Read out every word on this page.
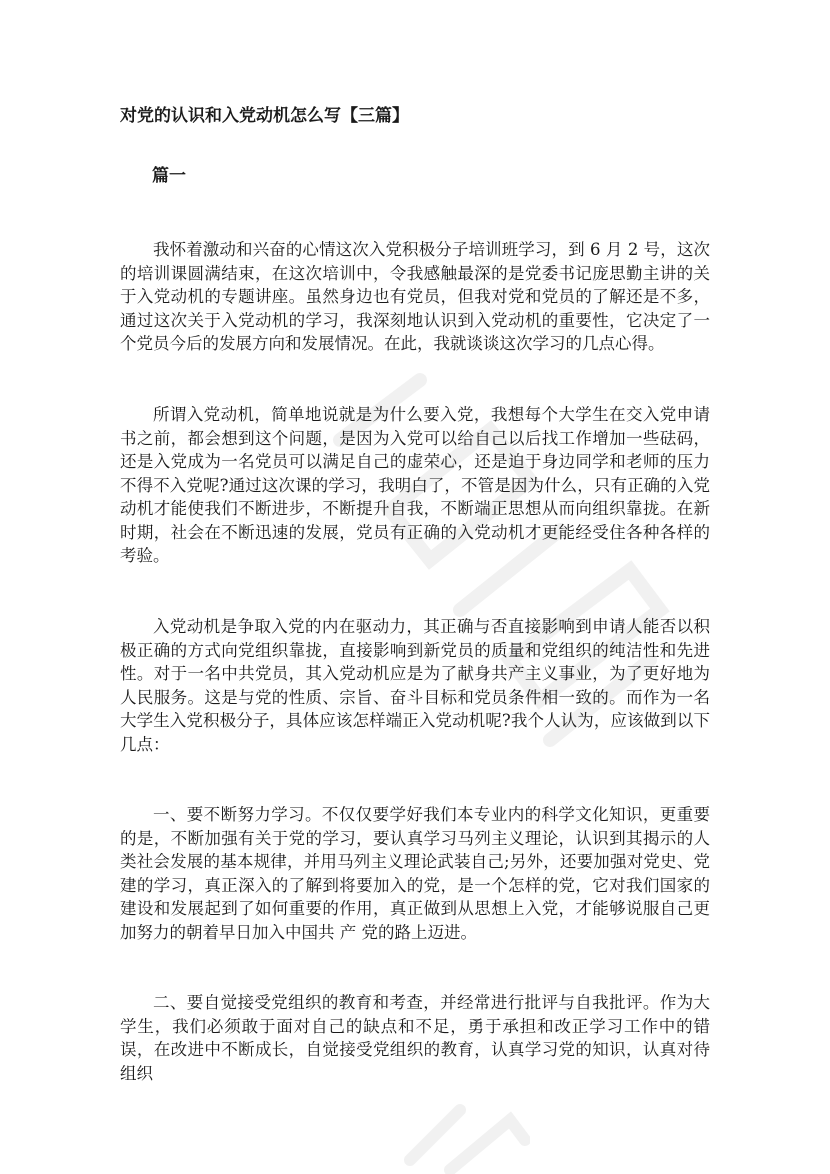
对党的认识和入党动机怎么写【三篇】
篇一

我怀着激动和兴奋的心情这次入党积极分子培训班学习，到 6 月 2 号，这次的培训课圆满结束，在这次培训中，令我感触最深的是党委书记庞思勤主讲的关于入党动机的专题讲座。虽然身边也有党员，但我对党和党员的了解还是不多，通过这次关于入党动机的学习，我深刻地认识到入党动机的重要性，它决定了一个党员今后的发展方向和发展情况。在此，我就谈谈这次学习的几点心得。

所谓入党动机，简单地说就是为什么要入党，我想每个大学生在交入党申请书之前，都会想到这个问题，是因为入党可以给自己以后找工作增加一些砝码，还是入党成为一名党员可以满足自己的虚荣心，还是迫于身边同学和老师的压力不得不入党呢?通过这次课的学习，我明白了，不管是因为什么，只有正确的入党动机才能使我们不断进步，不断提升自我，不断端正思想从而向组织靠拢。在新时期，社会在不断迅速的发展，党员有正确的入党动机才更能经受住各种各样的考验。

入党动机是争取入党的内在驱动力，其正确与否直接影响到申请人能否以积极正确的方式向党组织靠拢，直接影响到新党员的质量和党组织的纯洁性和先进性。对于一名中共党员，其入党动机应是为了献身共产主义事业，为了更好地为人民服务。这是与党的性质、宗旨、奋斗目标和党员条件相一致的。而作为一名大学生入党积极分子，具体应该怎样端正入党动机呢?我个人认为，应该做到以下几点：

一、要不断努力学习。不仅仅要学好我们本专业内的科学文化知识，更重要的是，不断加强有关于党的学习，要认真学习马列主义理论，认识到其揭示的人类社会发展的基本规律，并用马列主义理论武装自己;另外，还要加强对党史、党建的学习，真正深入的了解到将要加入的党，是一个怎样的党，它对我们国家的建设和发展起到了如何重要的作用，真正做到从思想上入党，才能够说服自己更加努力的朝着早日加入中国共 产 党的路上迈进。

二、要自觉接受党组织的教育和考查，并经常进行批评与自我批评。作为大学生，我们必须敢于面对自己的缺点和不足，勇于承担和改正学习工作中的错误，在改进中不断成长，自觉接受党组织的教育，认真学习党的知识，认真对待组织
